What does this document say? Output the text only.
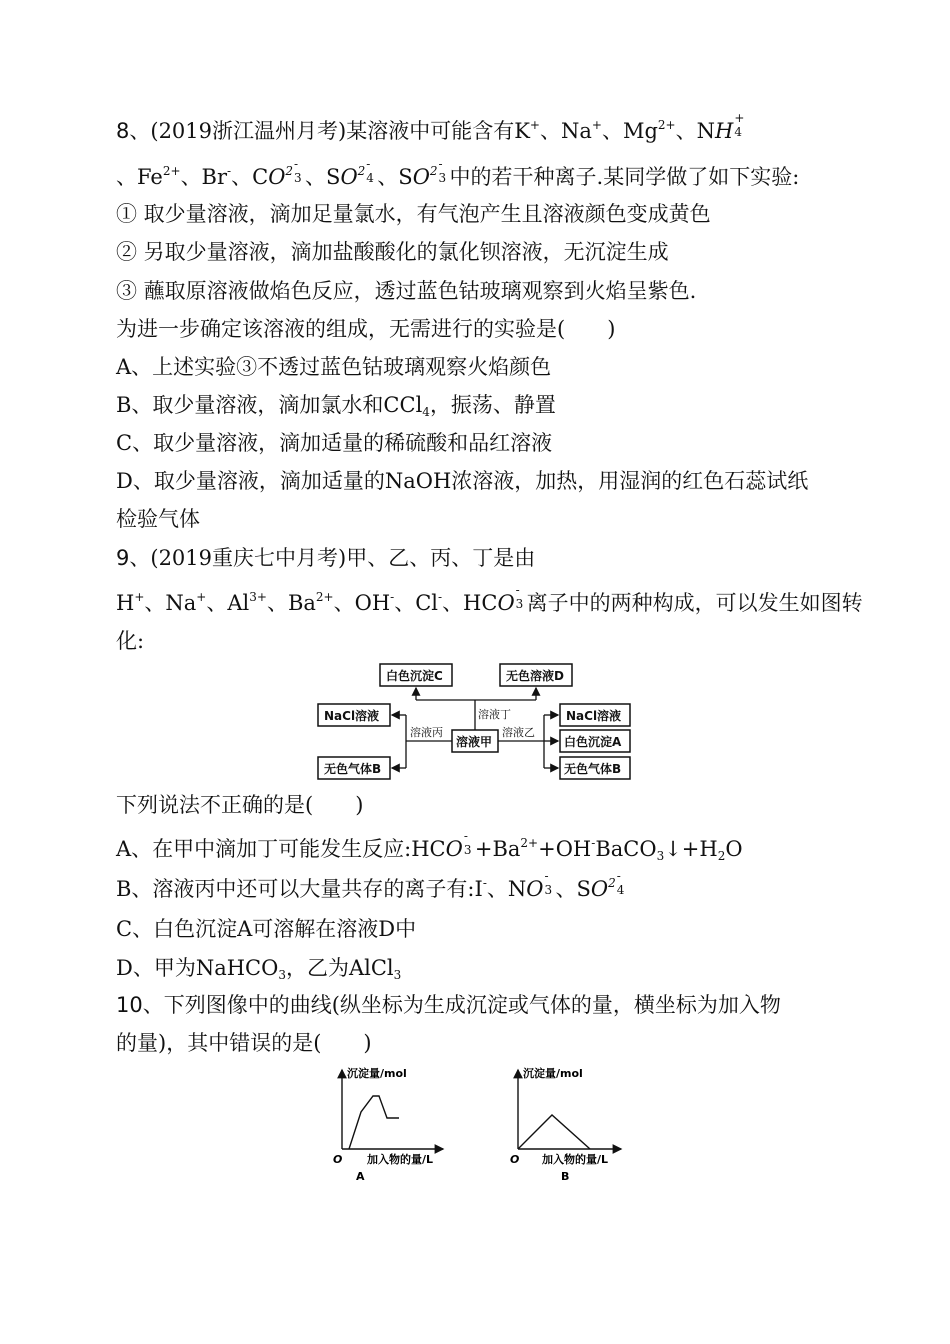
8、(2019浙江温州月考)某溶液中可能含有K+、Na+、$Mg^{2+}$、NH
+
4
、$Fe^{2+}$、Br-、$CO^2$ -
3 、$SO^2$ -
4 、$SO^2$ -
3 中的若干种离子.某同学做了如下实验:
① 取少量溶液，滴加足量氯水，有气泡产生且溶液颜色变成黄色
② 另取少量溶液，滴加盐酸酸化的氯化钡溶液，无沉淀生成
③ 蘸取原溶液做焰色反应，透过蓝色钴玻璃观察到火焰呈紫色.
为进一步确定该溶液的组成，无需进行的实验是(　　)
A、上述实验③不透过蓝色钴玻璃观察火焰颜色
B、取少量溶液，滴加氯水和CCl$_4$，振荡、静置
C、取少量溶液，滴加适量的稀硫酸和品红溶液
D、取少量溶液，滴加适量的NaOH浓溶液，加热，用湿润的红色石蕊试纸
检验气体
9、(2019重庆七中月考)甲、乙、丙、丁是由
H+、Na+、$Al^{3+}$、$Ba^{2+}$、OH-、Cl-、HCO
-
3 离子中的两种构成，可以发生如图转
化:
白色沉淀C	无色溶液D
NaCl溶液
无色气体B
溶液甲
NaCl溶液
白色沉淀A
无色气体B
溶液丙
溶液丁
溶液乙
下列说法不正确的是(　　)
A、在甲中滴加丁可能发生反应:HCO
-
$3 +Ba^{2+}+OH^-BaCO_3↓+H_2O$
B、溶液丙中还可以大量共存的离子有:I-、NO
-
3 、$SO^2$ -
4
C、白色沉淀A可溶解在溶液D中
D、甲为NaHCO$_3$，乙为AlCl$_3$
10、下列图像中的曲线(纵坐标为生成沉淀或气体的量，横坐标为加入物
的量)，其中错误的是(　　)
沉淀量/mol
O 加入物的量/L
A
沉淀量/mol
O 加入物的量/L
B
